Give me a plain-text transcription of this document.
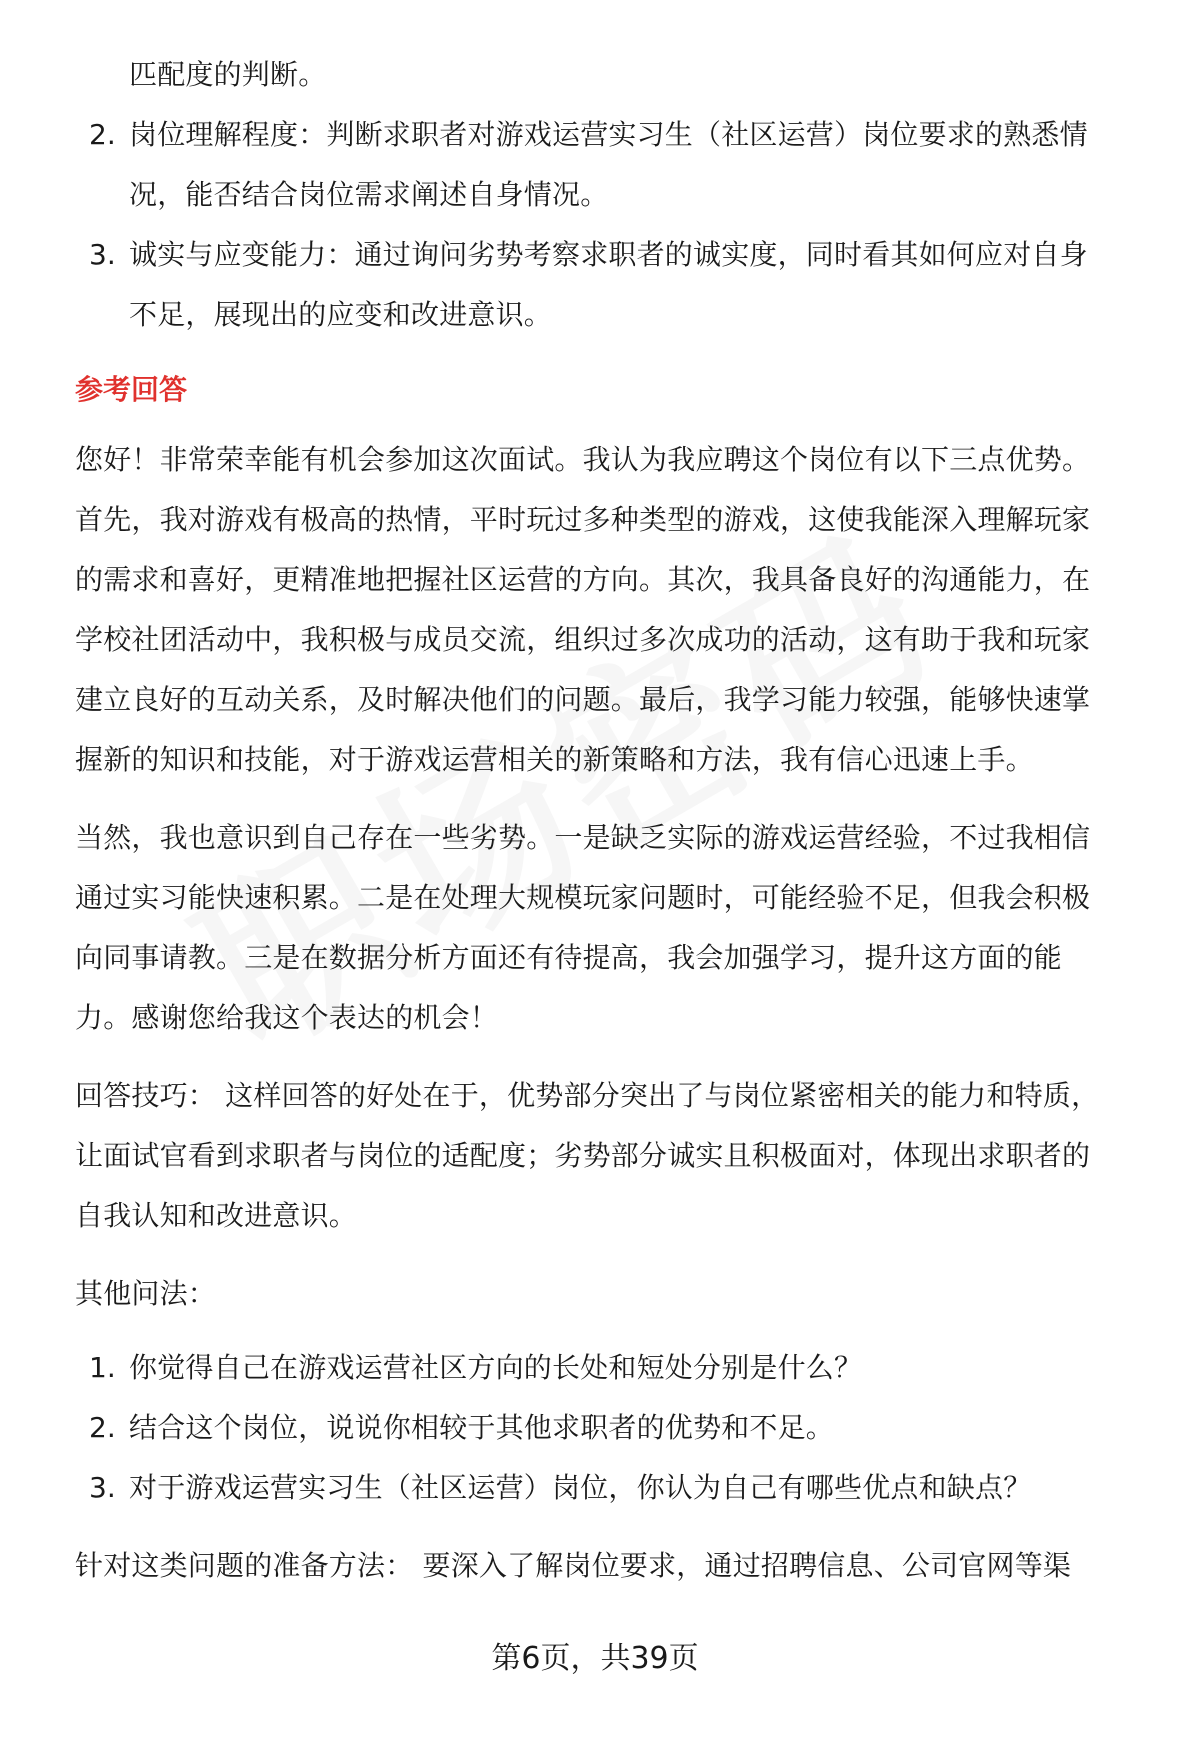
匹配度的判断。
2. 岗位理解程度：判断求职者对游戏运营实习生（社区运营）岗位要求的熟悉情
况，能否结合岗位需求阐述自身情况。
3. 诚实与应变能力：通过询问劣势考察求职者的诚实度，同时看其如何应对自身
不足，展现出的应变和改进意识。
参考回答
您好！非常荣幸能有机会参加这次面试。我认为我应聘这个岗位有以下三点优势。
首先，我对游戏有极高的热情，平时玩过多种类型的游戏，这使我能深入理解玩家
的需求和喜好，更精准地把握社区运营的方向。其次，我具备良好的沟通能力，在
学校社团活动中，我积极与成员交流，组织过多次成功的活动，这有助于我和玩家
建立良好的互动关系，及时解决他们的问题。最后，我学习能力较强，能够快速掌
握新的知识和技能，对于游戏运营相关的新策略和方法，我有信心迅速上手。
当然，我也意识到自己存在一些劣势。一是缺乏实际的游戏运营经验，不过我相信
通过实习能快速积累。二是在处理大规模玩家问题时，可能经验不足，但我会积极
向同事请教。三是在数据分析方面还有待提高，我会加强学习，提升这方面的能
力。感谢您给我这个表达的机会！
回答技巧： 这样回答的好处在于，优势部分突出了与岗位紧密相关的能力和特质，
让面试官看到求职者与岗位的适配度；劣势部分诚实且积极面对，体现出求职者的
自我认知和改进意识。
其他问法：
1. 你觉得自己在游戏运营社区方向的长处和短处分别是什么？
2. 结合这个岗位，说说你相较于其他求职者的优势和不足。
3. 对于游戏运营实习生（社区运营）岗位，你认为自己有哪些优点和缺点？
针对这类问题的准备方法： 要深入了解岗位要求，通过招聘信息、公司官网等渠
第6页，共39页
